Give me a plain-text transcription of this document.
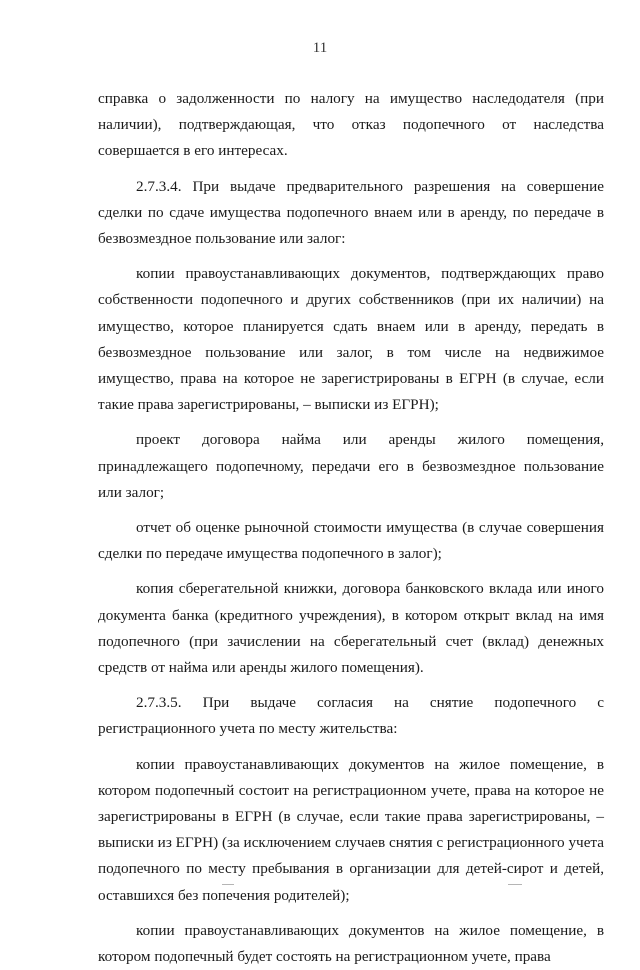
11

справка о задолженности по налогу на имущество наследодателя (при наличии), подтверждающая, что отказ подопечного от наследства совершается в его интересах.

2.7.3.4. При выдаче предварительного разрешения на совершение сделки по сдаче имущества подопечного внаем или в аренду, по передаче в безвозмездное пользование или залог:

копии правоустанавливающих документов, подтверждающих право собственности подопечного и других собственников (при их наличии) на имущество, которое планируется сдать внаем или в аренду, передать в безвозмездное пользование или залог, в том числе на недвижимое имущество, права на которое не зарегистрированы в ЕГРН (в случае, если такие права зарегистрированы, – выписки из ЕГРН);

проект договора найма или аренды жилого помещения, принадлежащего подопечному, передачи его в безвозмездное пользование или залог;

отчет об оценке рыночной стоимости имущества (в случае совершения сделки по передаче имущества подопечного в залог);

копия сберегательной книжки, договора банковского вклада или иного документа банка (кредитного учреждения), в котором открыт вклад на имя подопечного (при зачислении на сберегательный счет (вклад) денежных средств от найма или аренды жилого помещения).

2.7.3.5. При выдаче согласия на снятие подопечного с регистрационного учета по месту жительства:

копии правоустанавливающих документов на жилое помещение, в котором подопечный состоит на регистрационном учете, права на которое не зарегистрированы в ЕГРН (в случае, если такие права зарегистрированы, – выписки из ЕГРН) (за исключением случаев снятия с регистрационного учета подопечного по месту пребывания в организации для детей-сирот и детей, оставшихся без попечения родителей);

копии правоустанавливающих документов на жилое помещение, в котором подопечный будет состоять на регистрационном учете, права
